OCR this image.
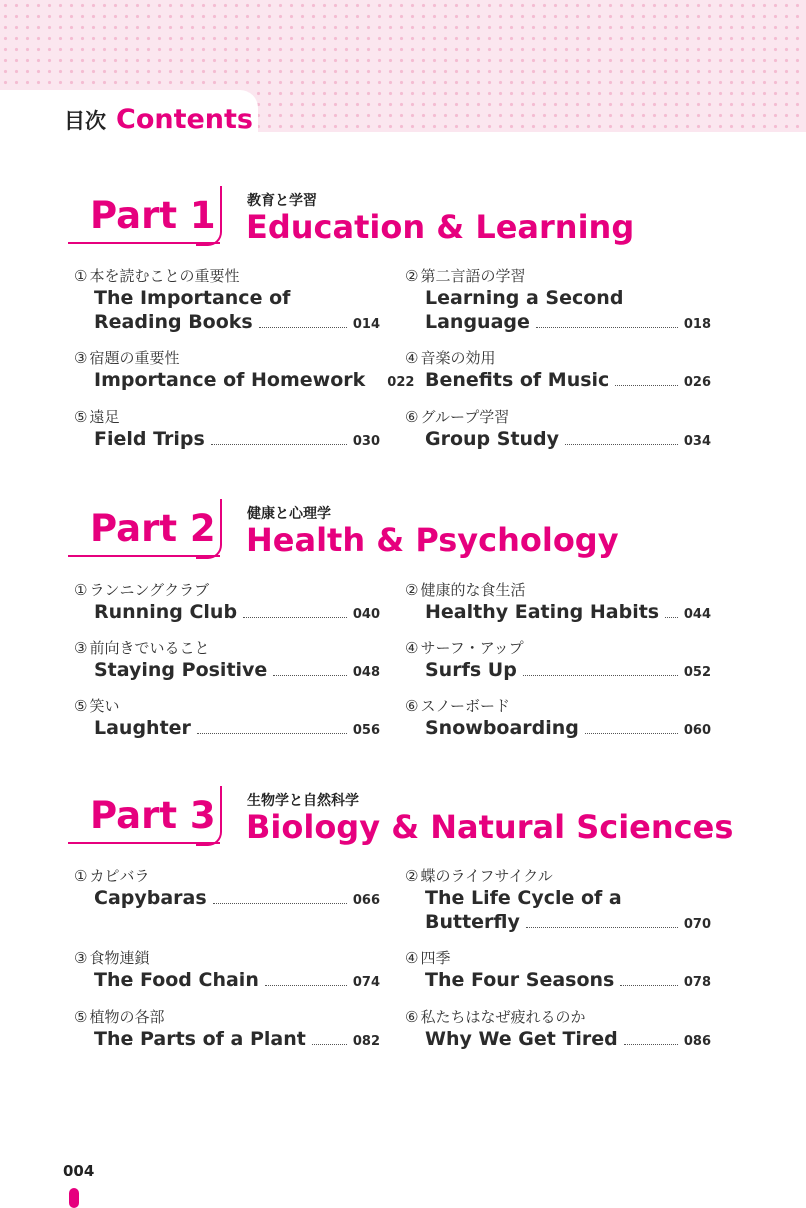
目次 Contents
Part 1 教育と学習
Education & Learning
① 本を読むことの重要性
The Importance of
Reading Books	014
② 第二言語の学習
Learning a Second
Language	018
③ 宿題の重要性
Importance of Homework 022
④ 音楽の効用
Benefits of Music	026
⑤ 遠足
Field Trips	030
⑥ グループ学習
Group Study	034
Part 2 健康と心理学
Health & Psychology
① ランニングクラブ
Running Club	040
② 健康的な食生活
Healthy Eating Habits 044
③ 前向きでいること
Staying Positive	048
④ サーフ・アップ
Surfs Up	052
⑤ 笑い
Laughter	056
⑥ スノーボード
Snowboarding	060
Part 3 生物学と自然科学
Biology & Natural Sciences
① カピバラ
Capybaras	066
② 蝶のライフサイクル
The Life Cycle of a
Butterfly	070
③ 食物連鎖
The Food Chain	074
④ 四季
The Four Seasons	078
⑤ 植物の各部
The Parts of a Plant	082
⑥ 私たちはなぜ疲れるのか
Why We Get Tired	086
004
